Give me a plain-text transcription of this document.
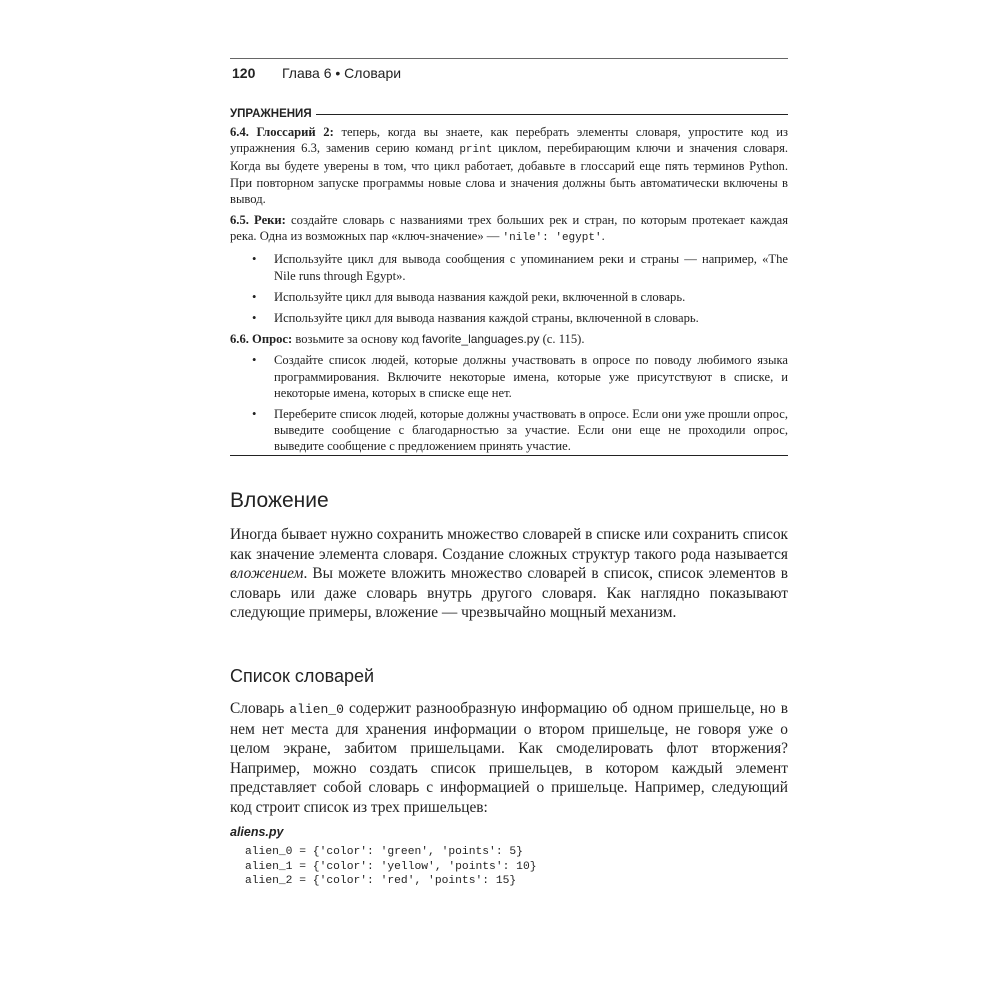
120 Глава 6 • Словари
УПРАЖНЕНИЯ

6.4. Глоссарий 2: теперь, когда вы знаете, как перебрать элементы словаря, упростите код из упражнения 6.3, заменив серию команд print циклом, перебирающим ключи и значения словаря. Когда вы будете уверены в том, что цикл работает, добавьте в глоссарий еще пять терминов Python. При повторном запуске программы новые слова и значения должны быть автоматически включены в вывод.

6.5. Реки: создайте словарь с названиями трех больших рек и стран, по которым протекает каждая река. Одна из возможных пар «ключ-значение» — 'nile': 'egypt'.

• Используйте цикл для вывода сообщения с упоминанием реки и страны — например, «The Nile runs through Egypt».
• Используйте цикл для вывода названия каждой реки, включенной в словарь.
• Используйте цикл для вывода названия каждой страны, включенной в словарь.

6.6. Опрос: возьмите за основу код favorite_languages.py (с. 115).

• Создайте список людей, которые должны участвовать в опросе по поводу любимого языка программирования. Включите некоторые имена, которые уже присутствуют в списке, и некоторые имена, которых в списке еще нет.
• Переберите список людей, которые должны участвовать в опросе. Если они уже прошли опрос, выведите сообщение с благодарностью за участие. Если они еще не проходили опрос, выведите сообщение с предложением принять участие.
Вложение

Иногда бывает нужно сохранить множество словарей в списке или сохранить список как значение элемента словаря. Создание сложных структур такого рода называется вложением. Вы можете вложить множество словарей в список, список элементов в словарь или даже словарь внутрь другого словаря. Как наглядно показывают следующие примеры, вложение — чрезвычайно мощный механизм.

Список словарей

Словарь alien_0 содержит разнообразную информацию об одном пришельце, но в нем нет места для хранения информации о втором пришельце, не говоря уже о целом экране, забитом пришельцами. Как смоделировать флот вторжения? Например, можно создать список пришельцев, в котором каждый элемент представляет собой словарь с информацией о пришельце. Например, следующий код строит список из трех пришельцев:

aliens.py
alien_0 = {'color': 'green', 'points': 5}
alien_1 = {'color': 'yellow', 'points': 10}
alien_2 = {'color': 'red', 'points': 15}
